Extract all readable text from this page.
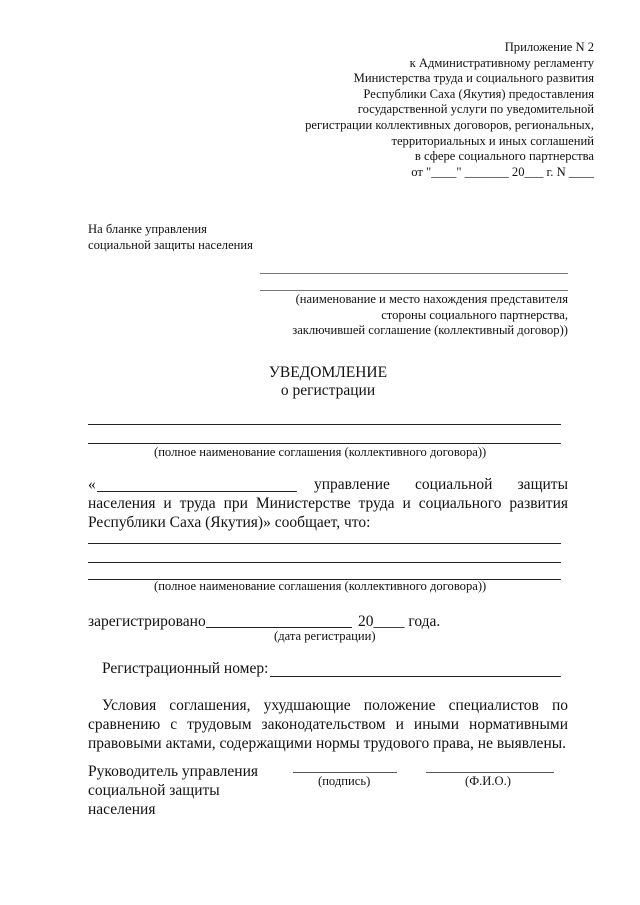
Приложение N 2
к Административному регламенту
Министерства труда и социального развития
Республики Саха (Якутия) предоставления
государственной услуги по уведомительной
регистрации коллективных договоров, региональных,
территориальных и иных соглашений
в сфере социального партнерства
от "____" _______ 20___ г. N ____
На бланке управления
социальной защиты населения
(наименование и место нахождения представителя
стороны социального партнерства,
заключившей соглашение (коллективный договор))
УВЕДОМЛЕНИЕ
о регистрации
(полное наименование соглашения (коллективного договора))
«	управление социальной защиты
населения и труда при Министерстве труда и социального развития
Республики Саха (Якутия)» сообщает, что:
(полное наименование соглашения (коллективного договора))
зарегистрировано	20____ года.
(дата регистрации)
Регистрационный номер:
Условия соглашения, ухудшающие положение специалистов по
сравнению с трудовым законодательством и иными нормативными
правовыми актами, содержащими нормы трудового права, не выявлены.
Руководитель управления
социальной защиты
населения
(подпись)	(Ф.И.О.)
